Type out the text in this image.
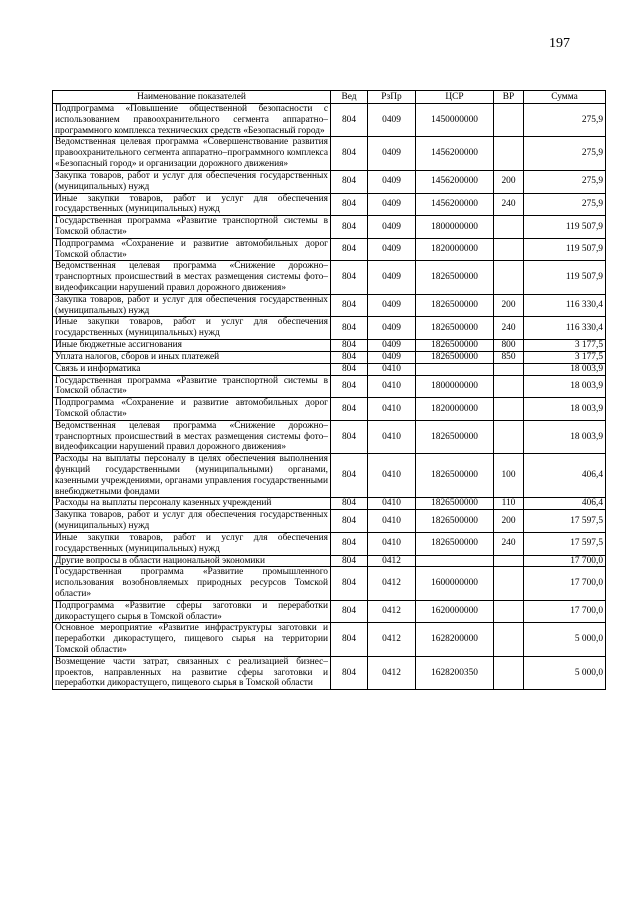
197
Наименование показателей	Вед	РзПр	ЦСР	ВР	Сумма
Подпрограмма «Повышение общественной безопасности с использованием правоохранительного сегмента аппаратно–программного комплекса технических средств «Безопасный город»	804	0409	1450000000		275,9
Ведомственная целевая программа «Совершенствование развития правоохранительного сегмента аппаратно–программного комплекса «Безопасный город» и организации дорожного движения»	804	0409	1456200000		275,9
Закупка товаров, работ и услуг для обеспечения государственных (муниципальных) нужд	804	0409	1456200000	200	275,9
Иные закупки товаров, работ и услуг для обеспечения государственных (муниципальных) нужд	804	0409	1456200000	240	275,9
Государственная программа «Развитие транспортной системы в Томской области»	804	0409	1800000000		119 507,9
Подпрограмма «Сохранение и развитие автомобильных дорог Томской области»	804	0409	1820000000		119 507,9
Ведомственная целевая программа «Снижение дорожно–транспортных происшествий в местах размещения системы фото–видеофиксации нарушений правил дорожного движения»	804	0409	1826500000		119 507,9
Закупка товаров, работ и услуг для обеспечения государственных (муниципальных) нужд	804	0409	1826500000	200	116 330,4
Иные закупки товаров, работ и услуг для обеспечения государственных (муниципальных) нужд	804	0409	1826500000	240	116 330,4
Иные бюджетные ассигнования	804	0409	1826500000	800	3 177,5
Уплата налогов, сборов и иных платежей	804	0409	1826500000	850	3 177,5
Связь и информатика	804	0410			18 003,9
Государственная программа «Развитие транспортной системы в Томской области»	804	0410	1800000000		18 003,9
Подпрограмма «Сохранение и развитие автомобильных дорог Томской области»	804	0410	1820000000		18 003,9
Ведомственная целевая программа «Снижение дорожно–транспортных происшествий в местах размещения системы фото–видеофиксации нарушений правил дорожного движения»	804	0410	1826500000		18 003,9
Расходы на выплаты персоналу в целях обеспечения выполнения функций государственными (муниципальными) органами, казенными учреждениями, органами управления государственными внебюджетными фондами	804	0410	1826500000	100	406,4
Расходы на выплаты персоналу казенных учреждений	804	0410	1826500000	110	406,4
Закупка товаров, работ и услуг для обеспечения государственных (муниципальных) нужд	804	0410	1826500000	200	17 597,5
Иные закупки товаров, работ и услуг для обеспечения государственных (муниципальных) нужд	804	0410	1826500000	240	17 597,5
Другие вопросы в области национальной экономики	804	0412			17 700,0
Государственная программа «Развитие промышленного использования возобновляемых природных ресурсов Томской области»	804	0412	1600000000		17 700,0
Подпрограмма «Развитие сферы заготовки и переработки дикорастущего сырья в Томской области»	804	0412	1620000000		17 700,0
Основное мероприятие «Развитие инфраструктуры заготовки и переработки дикорастущего, пищевого сырья на территории Томской области»	804	0412	1628200000		5 000,0
Возмещение части затрат, связанных с реализацией бизнес–проектов, направленных на развитие сферы заготовки и переработки дикорастущего, пищевого сырья в Томской области	804	0412	1628200350		5 000,0
